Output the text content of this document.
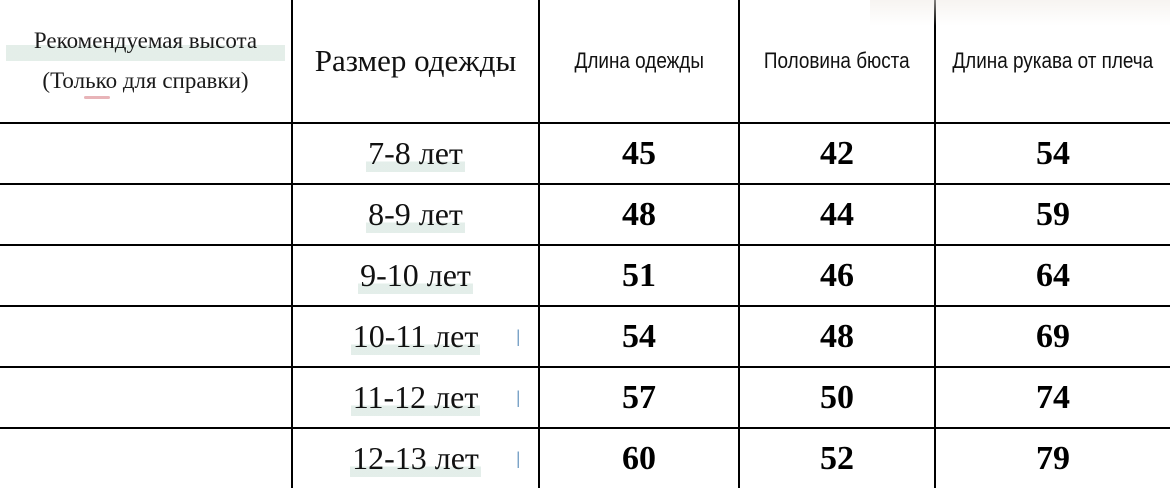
Рекомендуемая высота
(Только для справки)	Размер одежды	Длина одежды	Половина бюста	Длина рукава от плеча
	7-8 лет	45	42	54
	8-9 лет	48	44	59
	9-10 лет	51	46	64
	10-11 лет |	54	48	69
	11-12 лет |	57	50	74
	12-13 лет |	60	52	79
